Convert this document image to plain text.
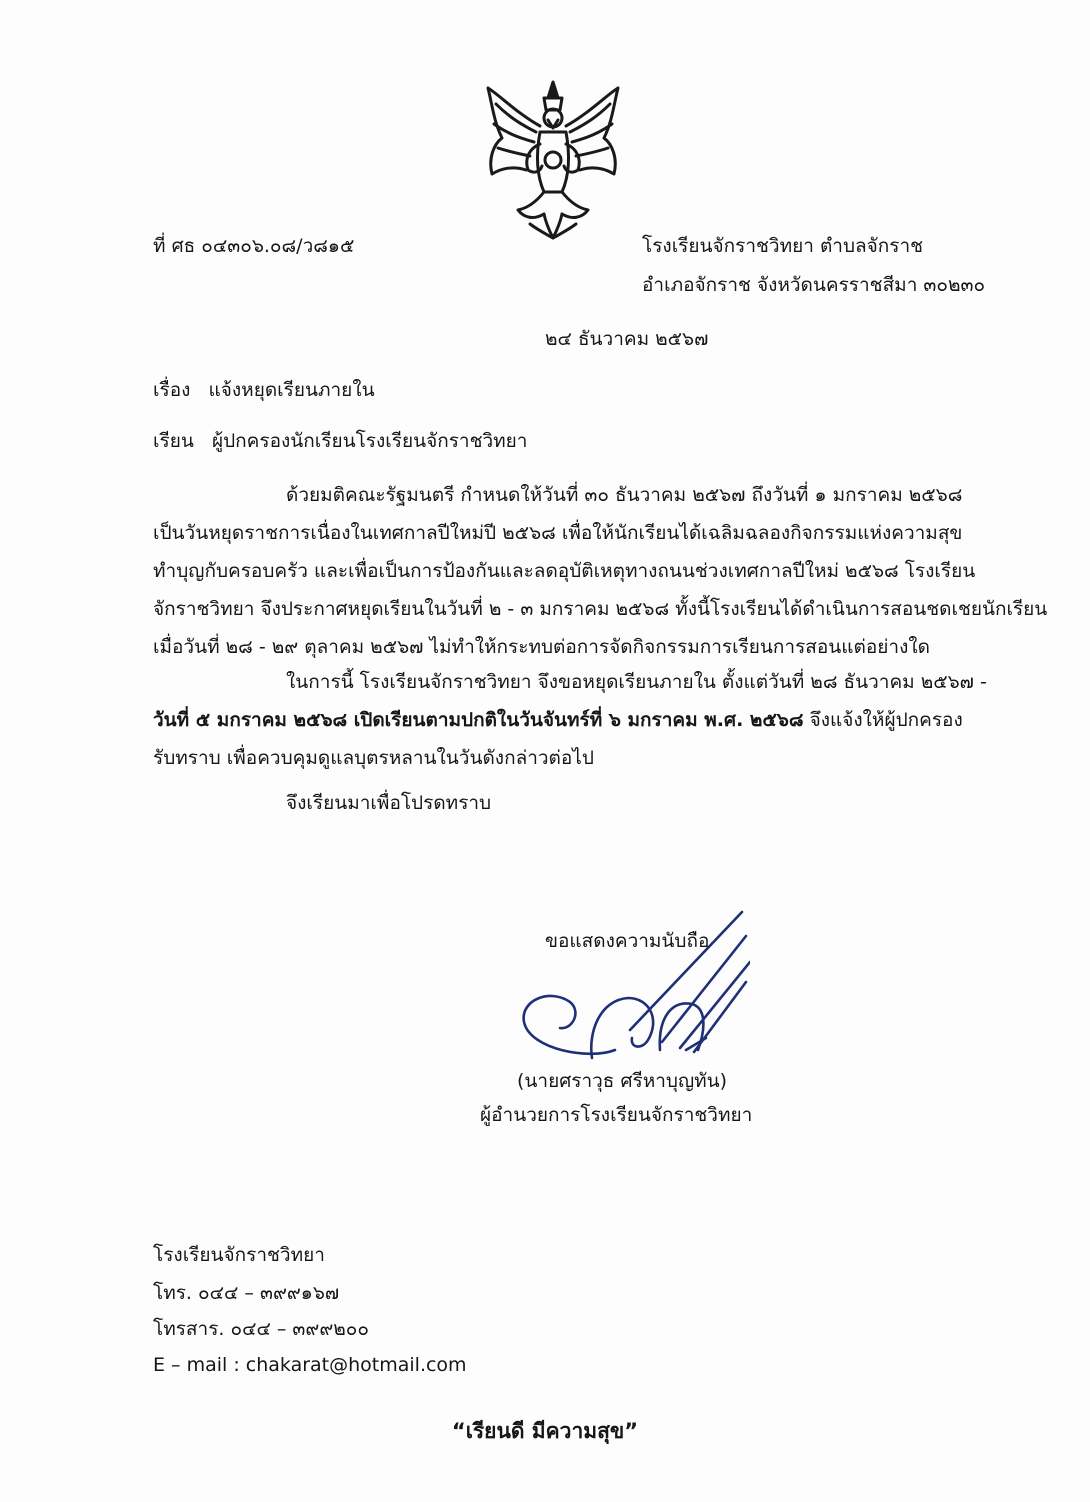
ที่ ศธ ๐๔๓๐๖.๐๘/ว๘๑๕	โรงเรียนจักราชวิทยา ตำบลจักราช
อำเภอจักราช จังหวัดนครราชสีมา ๓๐๒๓๐
๒๔ ธันวาคม ๒๕๖๗
เรื่อง แจ้งหยุดเรียนภายใน
เรียน ผู้ปกครองนักเรียนโรงเรียนจักราชวิทยา
ด้วยมติคณะรัฐมนตรี กำหนดให้วันที่ ๓๐ ธันวาคม ๒๕๖๗ ถึงวันที่ ๑ มกราคม ๒๕๖๘
เป็นวันหยุดราชการเนื่องในเทศกาลปีใหม่ปี ๒๕๖๘ เพื่อให้นักเรียนได้เฉลิมฉลองกิจกรรมแห่งความสุข
ทำบุญกับครอบครัว และเพื่อเป็นการป้องกันและลดอุบัติเหตุทางถนนช่วงเทศกาลปีใหม่ ๒๕๖๘ โรงเรียน
จักราชวิทยา จึงประกาศหยุดเรียนในวันที่ ๒ - ๓ มกราคม ๒๕๖๘ ทั้งนี้โรงเรียนได้ดำเนินการสอนชดเชยนักเรียน
เมื่อวันที่ ๒๘ - ๒๙ ตุลาคม ๒๕๖๗ ไม่ทำให้กระทบต่อการจัดกิจกรรมการเรียนการสอนแต่อย่างใด
ในการนี้ โรงเรียนจักราชวิทยา จึงขอหยุดเรียนภายใน ตั้งแต่วันที่ ๒๘ ธันวาคม ๒๕๖๗ -
วันที่ ๕ มกราคม ๒๕๖๘ เปิดเรียนตามปกติในวันจันทร์ที่ ๖ มกราคม พ.ศ. ๒๕๖๘ จึงแจ้งให้ผู้ปกครอง
รับทราบ เพื่อควบคุมดูแลบุตรหลานในวันดังกล่าวต่อไป
จึงเรียนมาเพื่อโปรดทราบ
ขอแสดงความนับถือ
(นายศราวุธ ศรีหาบุญทัน)
ผู้อำนวยการโรงเรียนจักราชวิทยา
โรงเรียนจักราชวิทยา
โทร. ๐๔๔ – ๓๙๙๑๖๗
โทรสาร. ๐๔๔ – ๓๙๙๒๐๐
E – mail : chakarat@hotmail.com
“เรียนดี มีความสุข”
